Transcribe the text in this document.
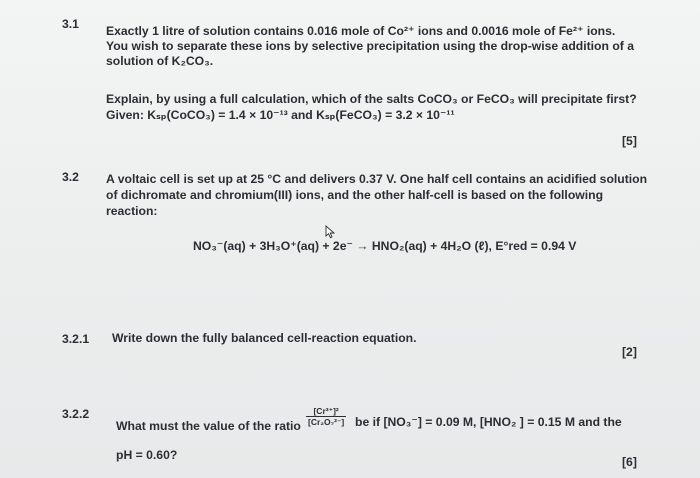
3.1 Exactly 1 litre of solution contains 0.016 mole of Co²⁺ ions and 0.0016 mole of Fe²⁺ ions.
You wish to separate these ions by selective precipitation using the drop-wise addition of a
solution of K₂CO₃.
Explain, by using a full calculation, which of the salts CoCO₃ or FeCO₃ will precipitate first?
Given: Kₛₚ(CoCO₃) = 1.4 × 10⁻¹³ and Kₛₚ(FeCO₃) = 3.2 × 10⁻¹¹
[5]
3.2 A voltaic cell is set up at 25 °C and delivers 0.37 V. One half cell contains an acidified solution
of dichromate and chromium(III) ions, and the other half-cell is based on the following
reaction:
NO₃⁻(aq) + 3H₃O⁺(aq) + 2e⁻ → HNO₂(aq) + 4H₂O (ℓ), E°red = 0.94 V
3.2.1 Write down the fully balanced cell-reaction equation.
[2]
3.2.2
What must the value of the ratio $\frac{\text{[Cr³⁺]²}}{\text{[Cr₂O₇²⁻]}}$ be if [NO₃⁻] = 0.09 M, [HNO₂ ] = 0.15 M and the
pH = 0.60?	[6]
